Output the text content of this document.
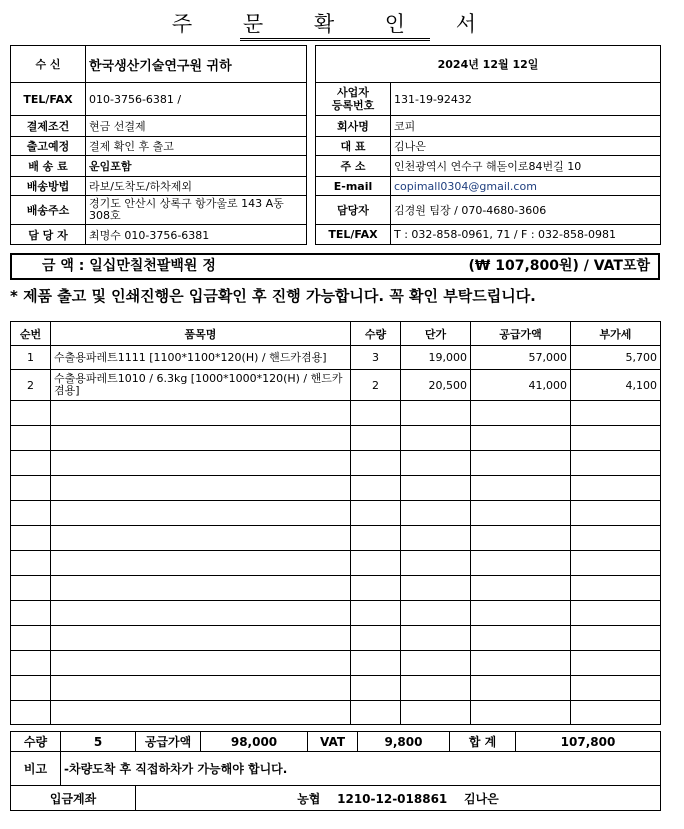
주 문 확 인 서
수 신	한국생산기술연구원 귀하
TEL/FAX	010-3756-6381 /
결제조건	현금 선결제
출고예정	결제 확인 후 출고
배 송 료	운임포함
배송방법	라보/도착도/하차제외
배송주소	경기도 안산시 상록구 항가울로 143 A동 308호
담 당 자	최명수 010-3756-6381
2024년 12월 12일	
사업자
등록번호	131-19-92432
회사명	코피
대 표	김나은
주 소	인천광역시 연수구 해돋이로84번길 10
E-mail	copimall0304@gmail.com
담당자	김경원 팀장 / 070-4680-3606
TEL/FAX	T : 032-858-0961, 71 / F : 032-858-0981
금 액 : 일십만칠천팔백원 정	(₩ 107,800원) / VAT포함
* 제품 출고 및 인쇄진행은 입금확인 후 진행 가능합니다. 꼭 확인 부탁드립니다.
순번	품목명	수량	단가	공급가액	부가세
1	수출용파레트1111 [1100*1100*120(H) / 핸드카겸용]	3	19,000	57,000	5,700
2	수출용파레트1010 / 6.3kg [1000*1000*120(H) / 핸드카겸용]	2	20,500	41,000	4,100

수량	5	공급가액	98,000	VAT	9,800	합 계	107,800
비고	-차량도착 후 직접하차가 가능해야 합니다.						
입금계좌		농협    1210-12-018861    김나은					
